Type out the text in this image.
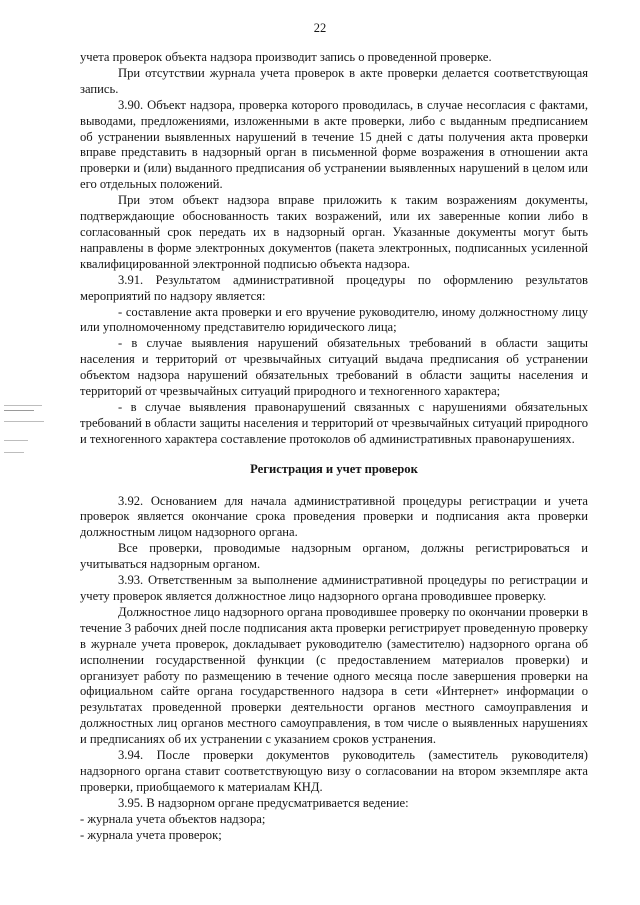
22

учета проверок объекта надзора производит запись о проведенной проверке.

При отсутствии журнала учета проверок в акте проверки делается соответствующая запись.

3.90. Объект надзора, проверка которого проводилась, в случае несогласия с фактами, выводами, предложениями, изложенными в акте проверки, либо с выданным предписанием об устранении выявленных нарушений в течение 15 дней с даты получения акта проверки вправе представить в надзорный орган в письменной форме возражения в отношении акта проверки и (или) выданного предписания об устранении выявленных нарушений в целом или его отдельных положений.

При этом объект надзора вправе приложить к таким возражениям документы, подтверждающие обоснованность таких возражений, или их заверенные копии либо в согласованный срок передать их в надзорный орган. Указанные документы могут быть направлены в форме электронных документов (пакета электронных, подписанных усиленной квалифицированной электронной подписью объекта надзора.

3.91. Результатом административной процедуры по оформлению результатов мероприятий по надзору является:

- составление акта проверки и его вручение руководителю, иному должностному лицу или уполномоченному представителю юридического лица;

- в случае выявления нарушений обязательных требований в области защиты населения и территорий от чрезвычайных ситуаций выдача предписания об устранении объектом надзора нарушений обязательных требований в области защиты населения и территорий от чрезвычайных ситуаций природного и техногенного характера;

- в случае выявления правонарушений связанных с нарушениями обязательных требований в области защиты населения и территорий от чрезвычайных ситуаций природного и техногенного характера составление протоколов об административных правонарушениях.

Регистрация и учет проверок

3.92. Основанием для начала административной процедуры регистрации и учета проверок является окончание срока проведения проверки и подписания акта проверки должностным лицом надзорного органа.

Все проверки, проводимые надзорным органом, должны регистрироваться и учитываться надзорным органом.

3.93. Ответственным за выполнение административной процедуры по регистрации и учету проверок является должностное лицо надзорного органа проводившее проверку.

Должностное лицо надзорного органа проводившее проверку по окончании проверки в течение 3 рабочих дней после подписания акта проверки регистрирует проведенную проверку в журнале учета проверок, докладывает руководителю (заместителю) надзорного органа об исполнении государственной функции (с предоставлением материалов проверки) и организует работу по размещению в течение одного месяца после завершения проверки на официальном сайте органа государственного надзора в сети «Интернет» информации о результатах проведенной проверки деятельности органов местного самоуправления и должностных лиц органов местного самоуправления, в том числе о выявленных нарушениях и предписаниях об их устранении с указанием сроков устранения.

3.94. После проверки документов руководитель (заместитель руководителя) надзорного органа ставит соответствующую визу о согласовании на втором экземпляре акта проверки, приобщаемого к материалам КНД.

3.95. В надзорном органе предусматривается ведение:

- журнала учета объектов надзора;

- журнала учета проверок;
